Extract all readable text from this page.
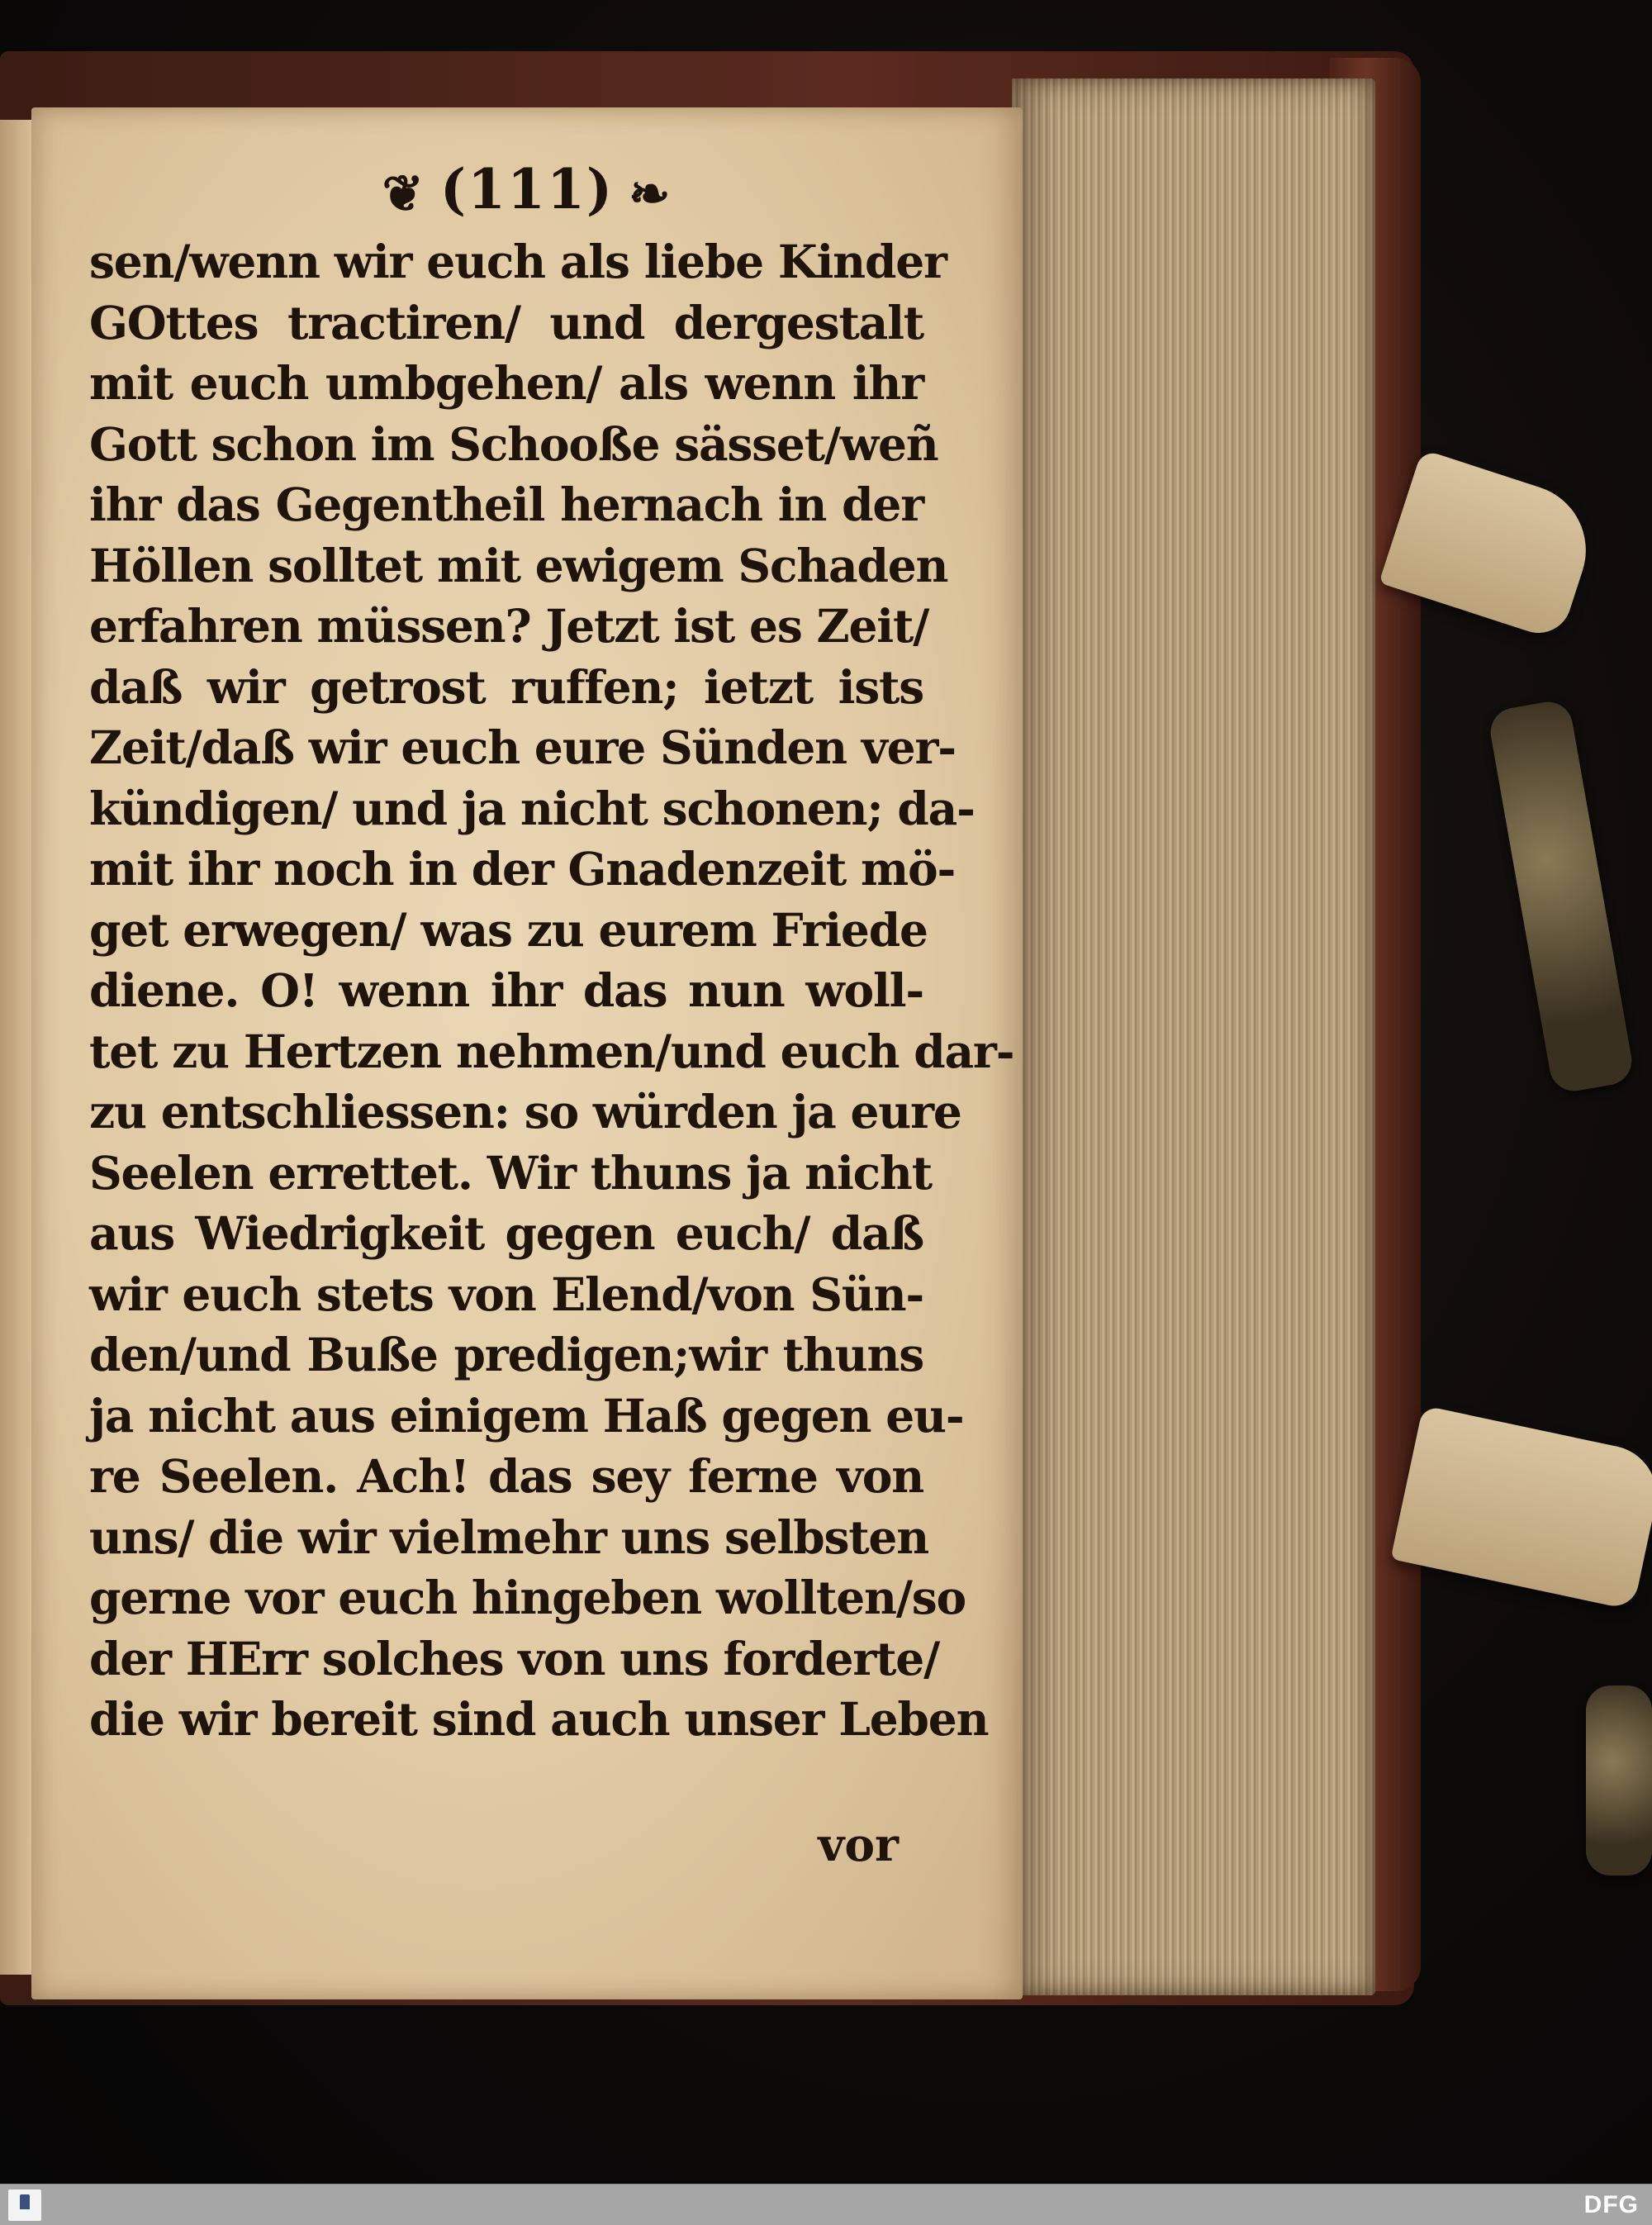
❦ (111) ❧
sen/wenn wir euch als liebe Kinder
GOttes tractiren/ und dergestalt
mit euch umbgehen/ als wenn ihr
Gott schon im Schooße sässet/weñ
ihr das Gegentheil hernach in der
Höllen solltet mit ewigem Schaden
erfahren müssen? Jetzt ist es Zeit/
daß wir getrost ruffen; ietzt ists
Zeit/daß wir euch eure Sünden ver-
kündigen/ und ja nicht schonen; da-
mit ihr noch in der Gnadenzeit mö-
get erwegen/ was zu eurem Friede
diene. O! wenn ihr das nun woll-
tet zu Hertzen nehmen/und euch dar-
zu entschliessen: so würden ja eure
Seelen errettet. Wir thuns ja nicht
aus Wiedrigkeit gegen euch/ daß
wir euch stets von Elend/von Sün-
den/und Buße predigen;wir thuns
ja nicht aus einigem Haß gegen eu-
re Seelen. Ach! das sey ferne von
uns/ die wir vielmehr uns selbsten
gerne vor euch hingeben wollten/so
der HErr solches von uns forderte/
die wir bereit sind auch unser Leben
vor
DFG
